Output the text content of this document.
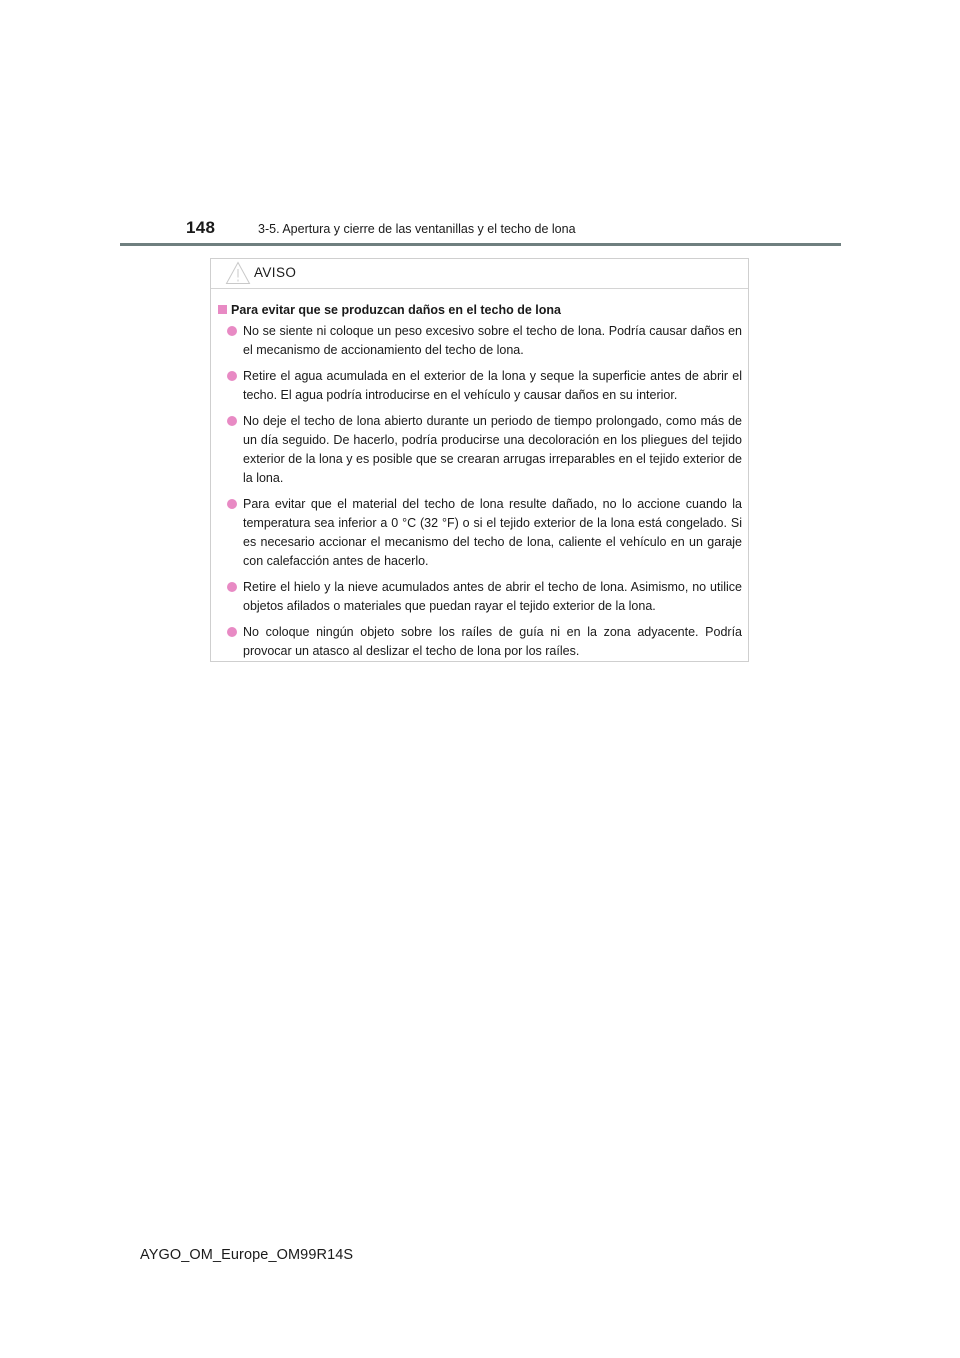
148	3-5. Apertura y cierre de las ventanillas y el techo de lona
AVISO
Para evitar que se produzcan daños en el techo de lona
No se siente ni coloque un peso excesivo sobre el techo de lona. Podría causar daños en el mecanismo de accionamiento del techo de lona.
Retire el agua acumulada en el exterior de la lona y seque la superficie antes de abrir el techo. El agua podría introducirse en el vehículo y causar daños en su interior.
No deje el techo de lona abierto durante un periodo de tiempo prolongado, como más de un día seguido. De hacerlo, podría producirse una decoloración en los pliegues del tejido exterior de la lona y es posible que se crearan arrugas irreparables en el tejido exterior de la lona.
Para evitar que el material del techo de lona resulte dañado, no lo accione cuando la temperatura sea inferior a 0 °C (32 °F) o si el tejido exterior de la lona está congelado. Si es necesario accionar el mecanismo del techo de lona, caliente el vehículo en un garaje con calefacción antes de hacerlo.
Retire el hielo y la nieve acumulados antes de abrir el techo de lona. Asimismo, no utilice objetos afilados o materiales que puedan rayar el tejido exterior de la lona.
No coloque ningún objeto sobre los raíles de guía ni en la zona adyacente. Podría provocar un atasco al deslizar el techo de lona por los raíles.
AYGO_OM_Europe_OM99R14S
